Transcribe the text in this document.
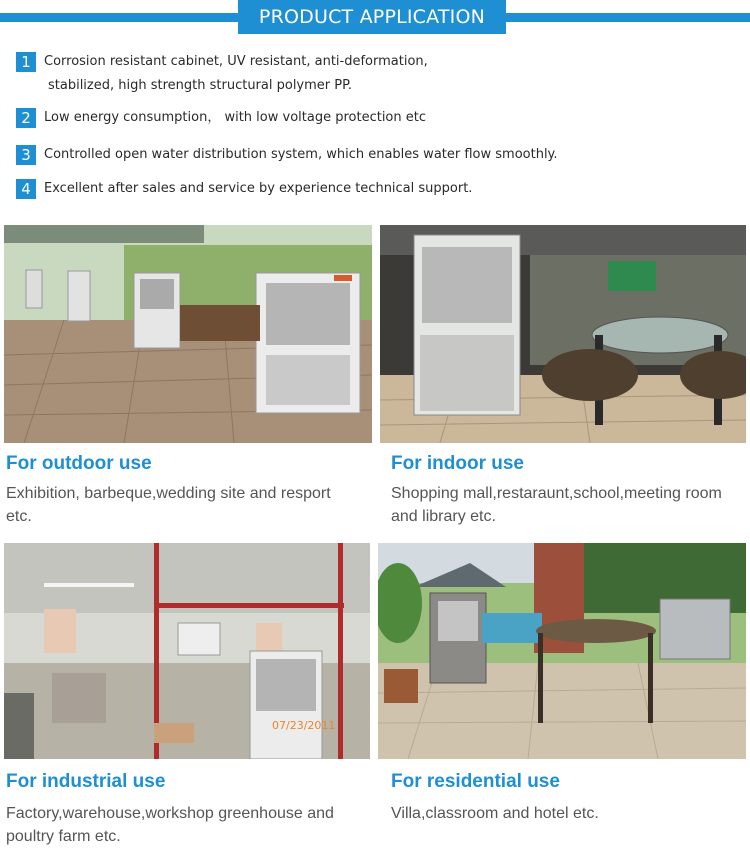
PRODUCT APPLICATION
1	Corrosion resistant cabinet, UV resistant, anti-deformation,
stabilized, high strength structural polymer PP.
2	Low energy consumption， with low voltage protection etc
3	Controlled open water distribution system, which enables water flow smoothly.
4	Excellent after sales and service by experience technical support.
For outdoor use
Exhibition, barbeque,wedding site and resport etc.
For indoor use
Shopping mall,restaraunt,school,meeting room and library etc.
07/23/2011
For industrial use
Factory,warehouse,workshop greenhouse and poultry farm etc.
For residential use
Villa,classroom and hotel etc.
